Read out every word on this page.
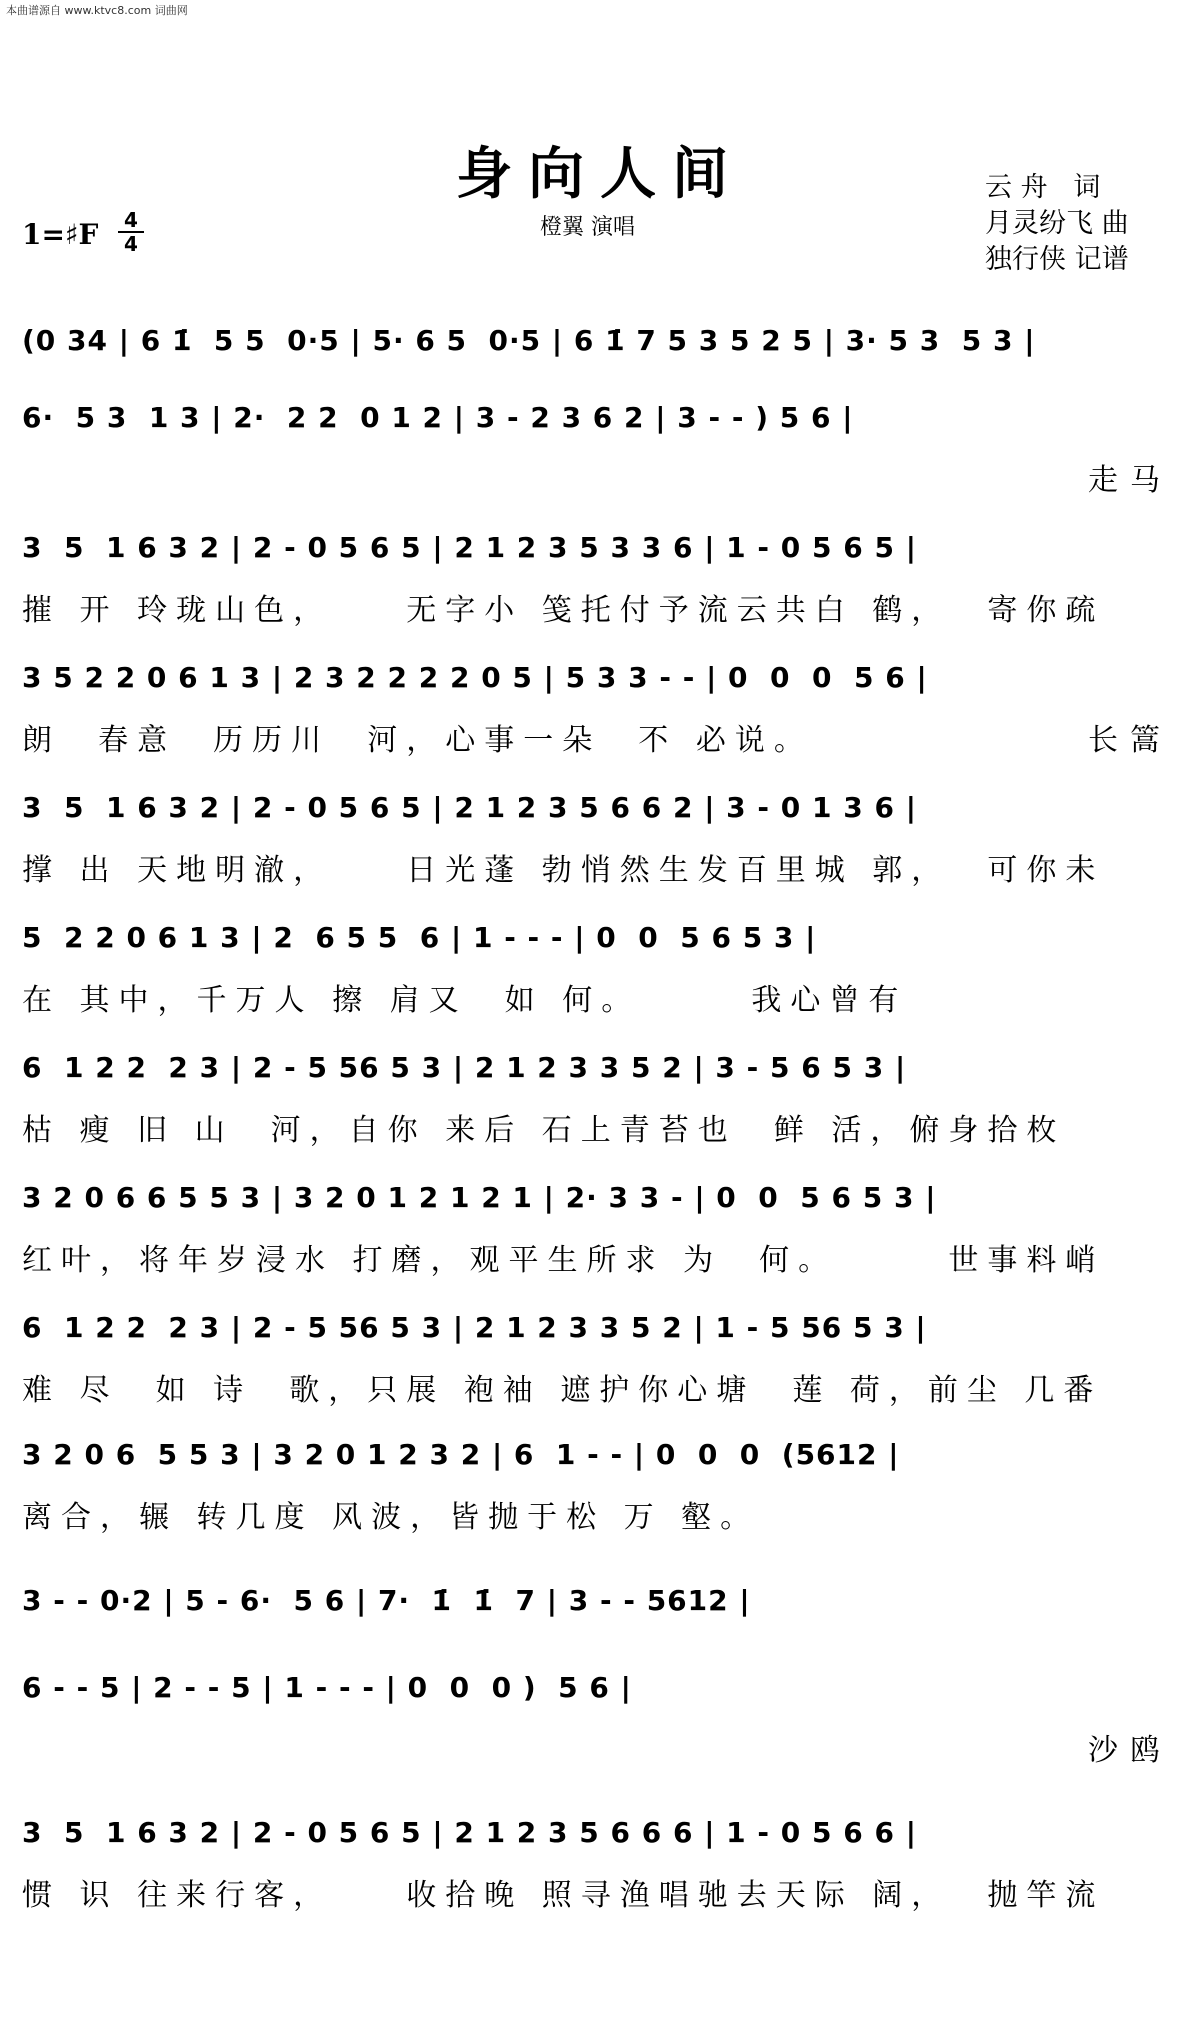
本曲谱源自 www.ktvc8.com 词曲网
身向人间
橙翼 演唱
云 舟   词
月灵纷飞 曲
独行侠 记谱
1=♯F	4
4
(0 34 | 6 1̇  5 5  0·5 | 5· 6 5  0·5 | 6 1̇ 7 5 3 5 2 5 | 3· 5 3  5 3 |
6·  5 3  1 3 | 2·  2 2  0 1 2 | 3 - 2 3 6 2 | 3 - - ) 5 6 |
走马
3  5  1 6 3 2 | 2 - 0 5 6 5 | 2 1 2 3 5 3 3 6 | 1 - 0 5 6 5 |
摧 开 玲珑山色，    无字小 笺托付予流云共白 鹤，  寄你疏
3 5 2 2 0 6 1 3 | 2 3 2 2 2 2 0 5 | 5 3 3 - - | 0  0  0  5 6 |
朗  春意  历历川  河，心事一朵  不 必说。	长篙
3  5  1 6 3 2 | 2 - 0 5 6 5 | 2 1 2 3 5 6 6 2 | 3 - 0 1 3 6 |
撑 出 天地明澈，    日光蓬 勃悄然生发百里城 郭，  可你未
5  2 2 0 6 1 3 | 2  6 5 5  6 | 1 - - - | 0  0  5 6 5 3 |
在 其中，千万人 擦 肩又  如 何。      我心曾有
6  1 2 2  2 3 | 2 - 5 56 5 3 | 2 1 2 3 3 5 2 | 3 - 5 6 5 3 |
枯 瘦 旧 山  河，自你 来后 石上青苔也  鲜 活，俯身拾枚
3 2 0 6 6 5 5 3 | 3 2 0 1 2 1 2 1 | 2· 3 3 - | 0  0  5 6 5 3 |
红叶，将年岁浸水 打磨，观平生所求 为  何。      世事料峭
6  1 2 2  2 3 | 2 - 5 56 5 3 | 2 1 2 3 3 5 2 | 1 - 5 56 5 3 |
难 尽  如 诗  歌，只展 袍袖 遮护你心塘  莲 荷，前尘 几番
3 2 0 6  5 5 3 | 3 2 0 1 2 3 2 | 6  1 - - | 0  0  0  (5612 |
离合，辗 转几度 风波，皆抛于松 万 壑。
3 - - 0·2 | 5 - 6·  5 6 | 7·  1̇  1̇  7 | 3 - - 5612 |
6 - - 5 | 2 - - 5 | 1 - - - | 0  0  0 )  5 6 |
沙鸥
3  5  1 6 3 2 | 2 - 0 5 6 5 | 2 1 2 3 5 6 6 6 | 1 - 0 5 6 6 |
惯 识 往来行客，    收拾晚 照寻渔唱驰去天际 阔，  抛竿流
